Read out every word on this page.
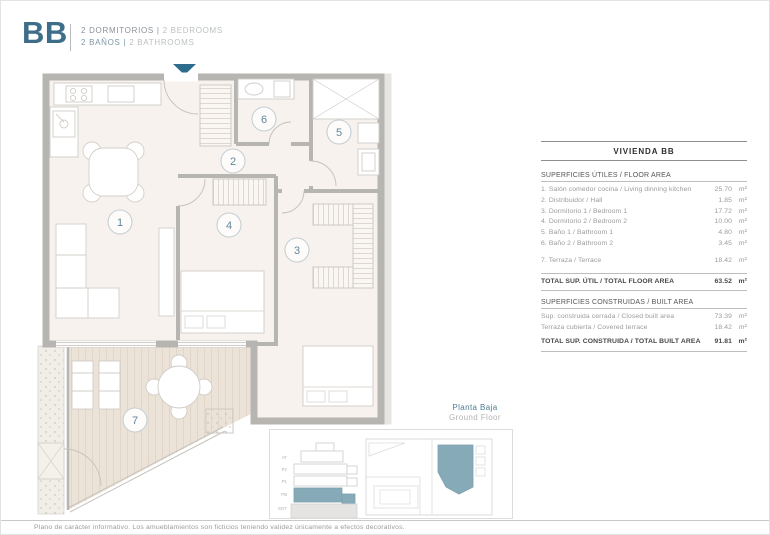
BB 2 DORMITORIOS | 2 BEDROOMS
2 BAÑOS | 2 BATHROOMS
1
2
3
4
5
6
7
VIVIENDA BB
SUPERFICIES ÚTILES / FLOOR AREA
1. Salón comedor cocina / Living dinning kitchen	25.70	m²
2. Distribuidor / Hall	1.85	m²
3. Dormitorio 1 / Bedroom 1	17.72	m²
4. Dormitorio 2 / Bedroom 2	10.00	m²
5. Baño 1 / Bathroom 1	4.80	m²
6. Baño 2 / Bathroom 2	3.45	m²
7. Terraza / Terrace	18.42	m²
TOTAL SUP. ÚTIL / TOTAL FLOOR AREA	63.52 m²
SUPERFICIES CONSTRUIDAS / BUILT AREA
Sup. construida cerrada / Closed built area	73.39	m²
Terraza cubierta / Covered terrace	18.42	m²
TOTAL SUP. CONSTRUIDA / TOTAL BUILT AREA	91.81 m²
Planta Baja
Ground Floor
AT
P2
P1
PB
SOT
Plano de carácter informativo. Los amueblamientos son ficticios teniendo validez únicamente a efectos decorativos.
